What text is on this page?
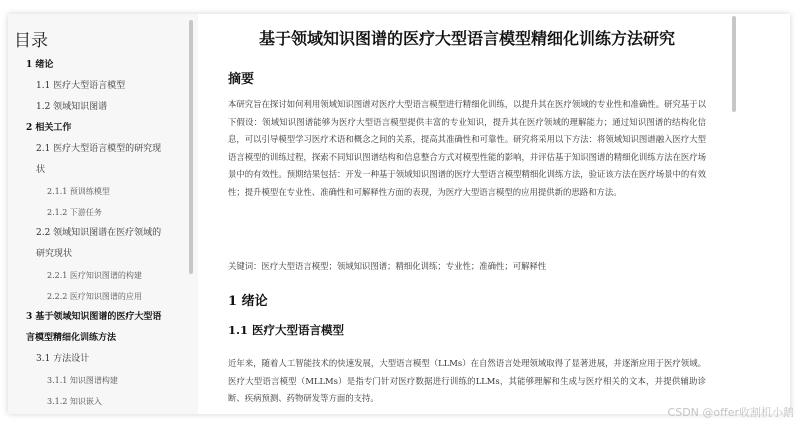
目录
1 绪论
1.1 医疗大型语言模型
1.2 领域知识图谱
2 相关工作
2.1 医疗大型语言模型的研究现
状
2.1.1 预训练模型
2.1.2 下游任务
2.2 领域知识图谱在医疗领域的
研究现状
2.2.1 医疗知识图谱的构建
2.2.2 医疗知识图谱的应用
3 基于领域知识图谱的医疗大型语
言模型精细化训练方法
3.1 方法设计
3.1.1 知识图谱构建
3.1.2 知识嵌入
基于领域知识图谱的医疗大型语言模型精细化训练方法研究
摘要
本研究旨在探讨如何利用领域知识图谱对医疗大型语言模型进行精细化训练，以提升其在医疗领域的专业性和准确性。研究基于以下假设：领域知识图谱能够为医疗大型语言模型提供丰富的专业知识，提升其在医疗领域的理解能力；通过知识图谱的结构化信息，可以引导模型学习医疗术语和概念之间的关系，提高其准确性和可靠性。研究将采用以下方法：将领域知识图谱融入医疗大型语言模型的训练过程，探索不同知识图谱结构和信息整合方式对模型性能的影响，并评估基于知识图谱的精细化训练方法在医疗场景中的有效性。预期结果包括：开发一种基于领域知识图谱的医疗大型语言模型精细化训练方法，验证该方法在医疗场景中的有效性；提升模型在专业性、准确性和可解释性方面的表现，为医疗大型语言模型的应用提供新的思路和方法。
关键词：医疗大型语言模型；领域知识图谱；精细化训练；专业性；准确性；可解释性
1 绪论
1.1 医疗大型语言模型
近年来，随着人工智能技术的快速发展，大型语言模型（LLMs）在自然语言处理领域取得了显著进展，并逐渐应用于医疗领域。医疗大型语言模型（MLLMs）是指专门针对医疗数据进行训练的LLMs，其能够理解和生成与医疗相关的文本，并提供辅助诊断、疾病预测、药物研发等方面的支持。
CSDN @offer收割机小鹅
